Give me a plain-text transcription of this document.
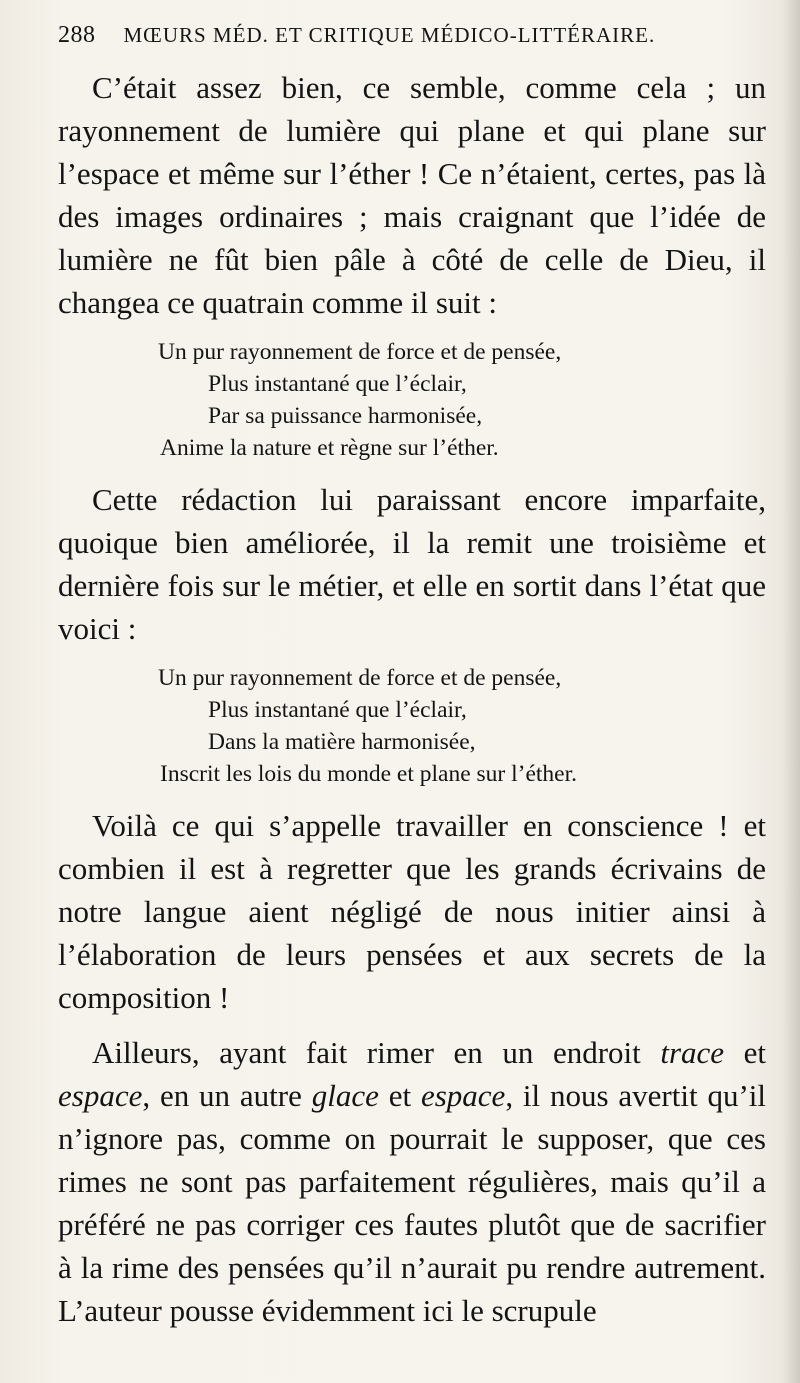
288 MŒURS MÉD. ET CRITIQUE MÉDICO-LITTÉRAIRE.

C’était assez bien, ce semble, comme cela ; un rayonnement de lumière qui plane et qui plane sur l’espace et même sur l’éther ! Ce n’étaient, certes, pas là des images ordinaires ; mais craignant que l’idée de lumière ne fût bien pâle à côté de celle de Dieu, il changea ce quatrain comme il suit :

Un pur rayonnement de force et de pensée,
Plus instantané que l’éclair,
Par sa puissance harmonisée,
Anime la nature et règne sur l’éther.

Cette rédaction lui paraissant encore imparfaite, quoique bien améliorée, il la remit une troisième et dernière fois sur le métier, et elle en sortit dans l’état que voici :

Un pur rayonnement de force et de pensée,
Plus instantané que l’éclair,
Dans la matière harmonisée,
Inscrit les lois du monde et plane sur l’éther.

Voilà ce qui s’appelle travailler en conscience ! et combien il est à regretter que les grands écrivains de notre langue aient négligé de nous initier ainsi à l’élaboration de leurs pensées et aux secrets de la composition !

Ailleurs, ayant fait rimer en un endroit trace et espace, en un autre glace et espace, il nous avertit qu’il n’ignore pas, comme on pourrait le supposer, que ces rimes ne sont pas parfaitement régulières, mais qu’il a préféré ne pas corriger ces fautes plutôt que de sacrifier à la rime des pensées qu’il n’aurait pu rendre autrement. L’auteur pousse évidemment ici le scrupule
